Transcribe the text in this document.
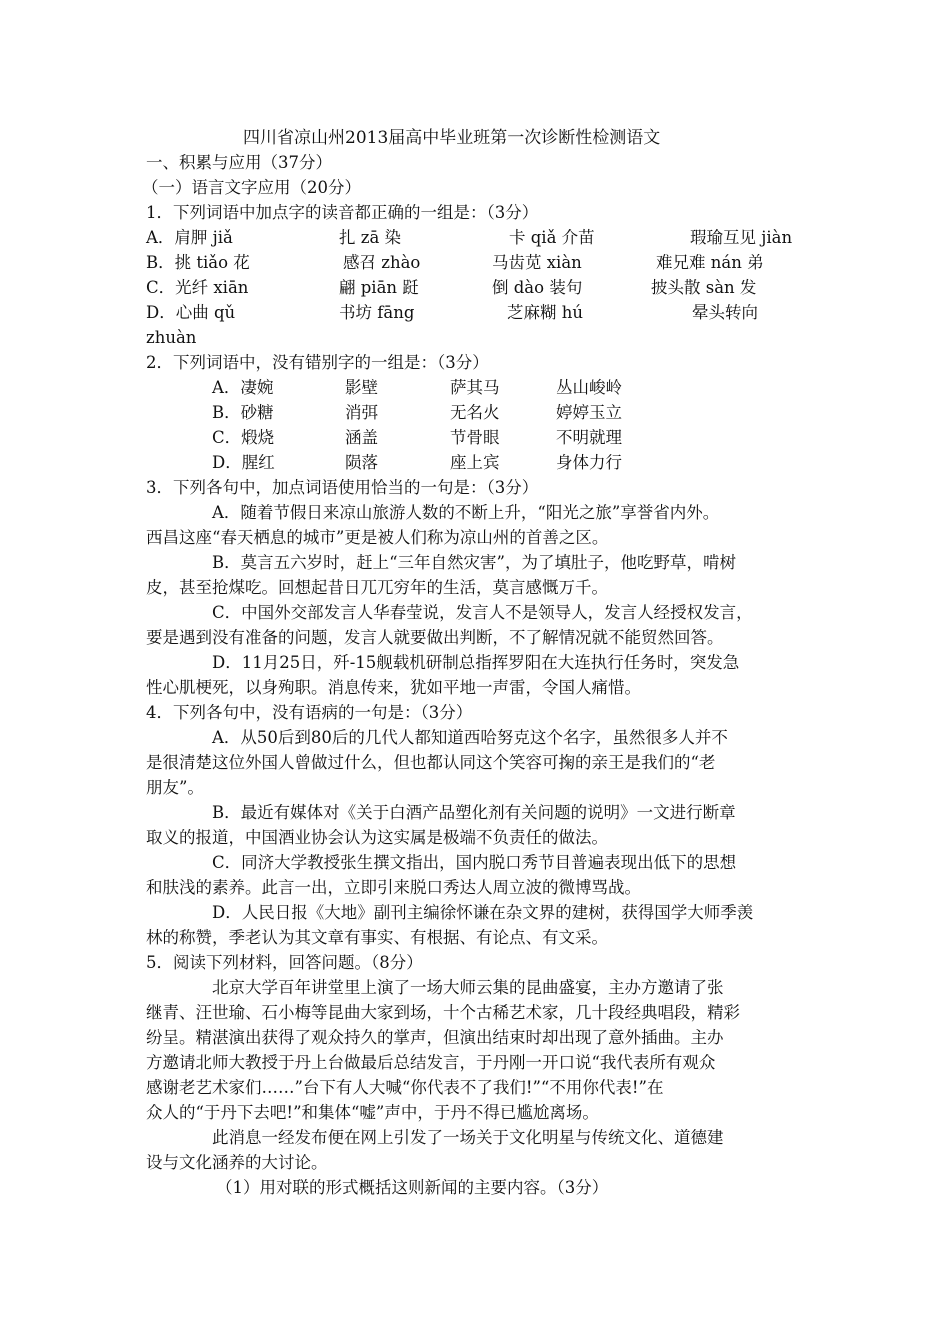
四川省凉山州2013届高中毕业班第一次诊断性检测语文
一、积累与应用（37分）
（一）语言文字应用（20分）
1．下列词语中加点字的读音都正确的一组是：（3分）
A．肩胛 jiǎ	扎 zā 染	卡 qiǎ 介苗	瑕瑜互见 jiàn
B．挑 tiǎo 花	感召 zhào	马齿苋 xiàn	难兄难 nán 弟
C．光纤 xiān	翩 piān 跹	倒 dào 装句	披头散 sàn 发
D．心曲 qǔ	书坊 fāng	芝麻糊 hú	晕头转向
zhuàn
2．下列词语中，没有错别字的一组是：（3分）
A．凄婉	影壁	萨其马	丛山峻岭
B．砂糖	消弭	无名火	婷婷玉立
C．煅烧	涵盖	节骨眼	不明就理
D．腥红	陨落	座上宾	身体力行
3．下列各句中，加点词语使用恰当的一句是：（3分）
A．随着节假日来凉山旅游人数的不断上升，“阳光之旅”享誉省内外。
西昌这座“春天栖息的城市”更是被人们称为凉山州的首善之区。
B．莫言五六岁时，赶上“三年自然灾害”，为了填肚子，他吃野草，啃树
皮，甚至抢煤吃。回想起昔日兀兀穷年的生活，莫言感慨万千。
C．中国外交部发言人华春莹说，发言人不是领导人，发言人经授权发言，
要是遇到没有准备的问题，发言人就要做出判断，不了解情况就不能贸然回答。
D．11月25日，歼-15舰载机研制总指挥罗阳在大连执行任务时，突发急
性心肌梗死，以身殉职。消息传来，犹如平地一声雷，令国人痛惜。
4．下列各句中，没有语病的一句是：（3分）
A．从50后到80后的几代人都知道西哈努克这个名字，虽然很多人并不
是很清楚这位外国人曾做过什么，但也都认同这个笑容可掬的亲王是我们的“老
朋友”。
B．最近有媒体对《关于白酒产品塑化剂有关问题的说明》一文进行断章
取义的报道，中国酒业协会认为这实属是极端不负责任的做法。
C．同济大学教授张生撰文指出，国内脱口秀节目普遍表现出低下的思想
和肤浅的素养。此言一出，立即引来脱口秀达人周立波的微博骂战。
D．人民日报《大地》副刊主编徐怀谦在杂文界的建树，获得国学大师季羡
林的称赞，季老认为其文章有事实、有根据、有论点、有文采。
5．阅读下列材料，回答问题。（8分）
北京大学百年讲堂里上演了一场大师云集的昆曲盛宴，主办方邀请了张
继青、汪世瑜、石小梅等昆曲大家到场，十个古稀艺术家，几十段经典唱段，精彩
纷呈。精湛演出获得了观众持久的掌声，但演出结束时却出现了意外插曲。主办
方邀请北师大教授于丹上台做最后总结发言，于丹刚一开口说“我代表所有观众
感谢老艺术家们……”台下有人大喊“你代表不了我们!”“不用你代表!”在
众人的“于丹下去吧!”和集体“嘘”声中，于丹不得已尴尬离场。
此消息一经发布便在网上引发了一场关于文化明星与传统文化、道德建
设与文化涵养的大讨论。
（1）用对联的形式概括这则新闻的主要内容。（3分）
